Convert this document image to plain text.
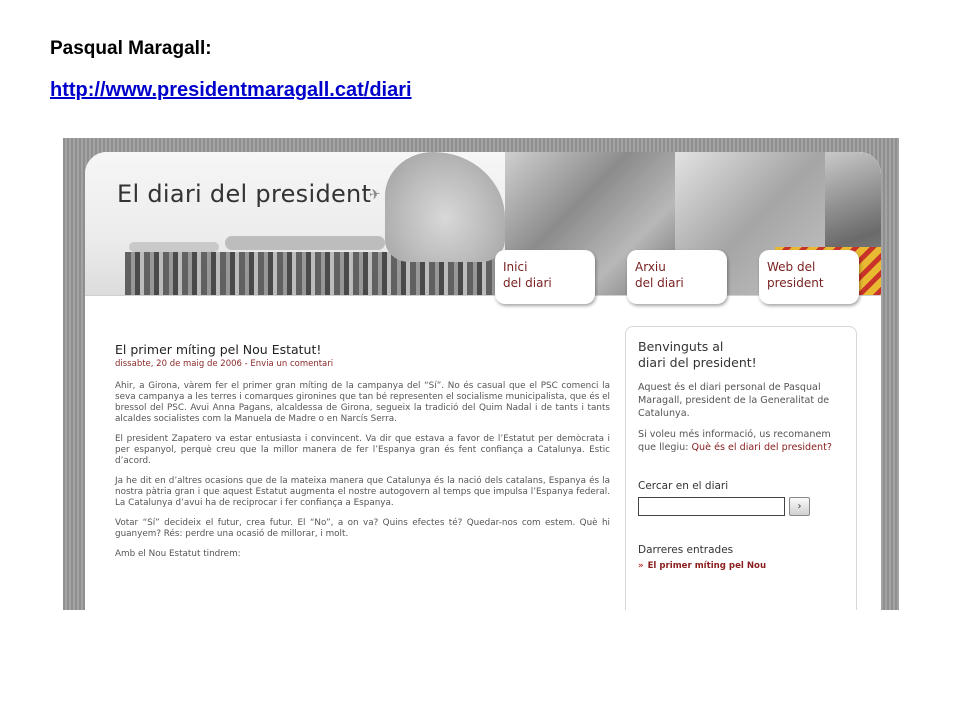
Pasqual Maragall:
http://www.presidentmaragall.cat/diari
✈
El diari del president
Inici
del diari
Arxiu
del diari
Web del
president
El primer míting pel Nou Estatut!
dissabte, 20 de maig de 2006 - Envia un comentari

Ahir, a Girona, vàrem fer el primer gran míting de la campanya del “Sí”. No és casual que el PSC comenci la seva campanya a les terres i comarques gironines que tan bé representen el socialisme municipalista, que és el bressol del PSC. Avui Anna Pagans, alcaldessa de Girona, segueix la tradició del Quim Nadal i de tants i tants alcaldes socialistes com la Manuela de Madre o en Narcís Serra.

El president Zapatero va estar entusiasta i convincent. Va dir que estava a favor de l’Estatut per demòcrata i per espanyol, perquè creu que la millor manera de fer l’Espanya gran és fent confiança a Catalunya. Estic d’acord.

Ja he dit en d’altres ocasions que de la mateixa manera que Catalunya és la nació dels catalans, Espanya és la nostra pàtria gran i que aquest Estatut augmenta el nostre autogovern al temps que impulsa l’Espanya federal. La Catalunya d’avui ha de reciprocar i fer confiança a Espanya.

Votar “Sí” decideix el futur, crea futur. El “No”, a on va? Quins efectes té? Quedar-nos com estem. Què hi guanyem? Rés: perdre una ocasió de millorar, i molt.

Amb el Nou Estatut tindrem:

Benvinguts al
diari del president!
Aquest és el diari personal de Pasqual Maragall, president de la Generalitat de Catalunya.
Si voleu més informació, us recomanem que llegiu: Què és el diari del president?
Cercar en el diari
›
Darreres entrades
» El primer míting pel Nou
